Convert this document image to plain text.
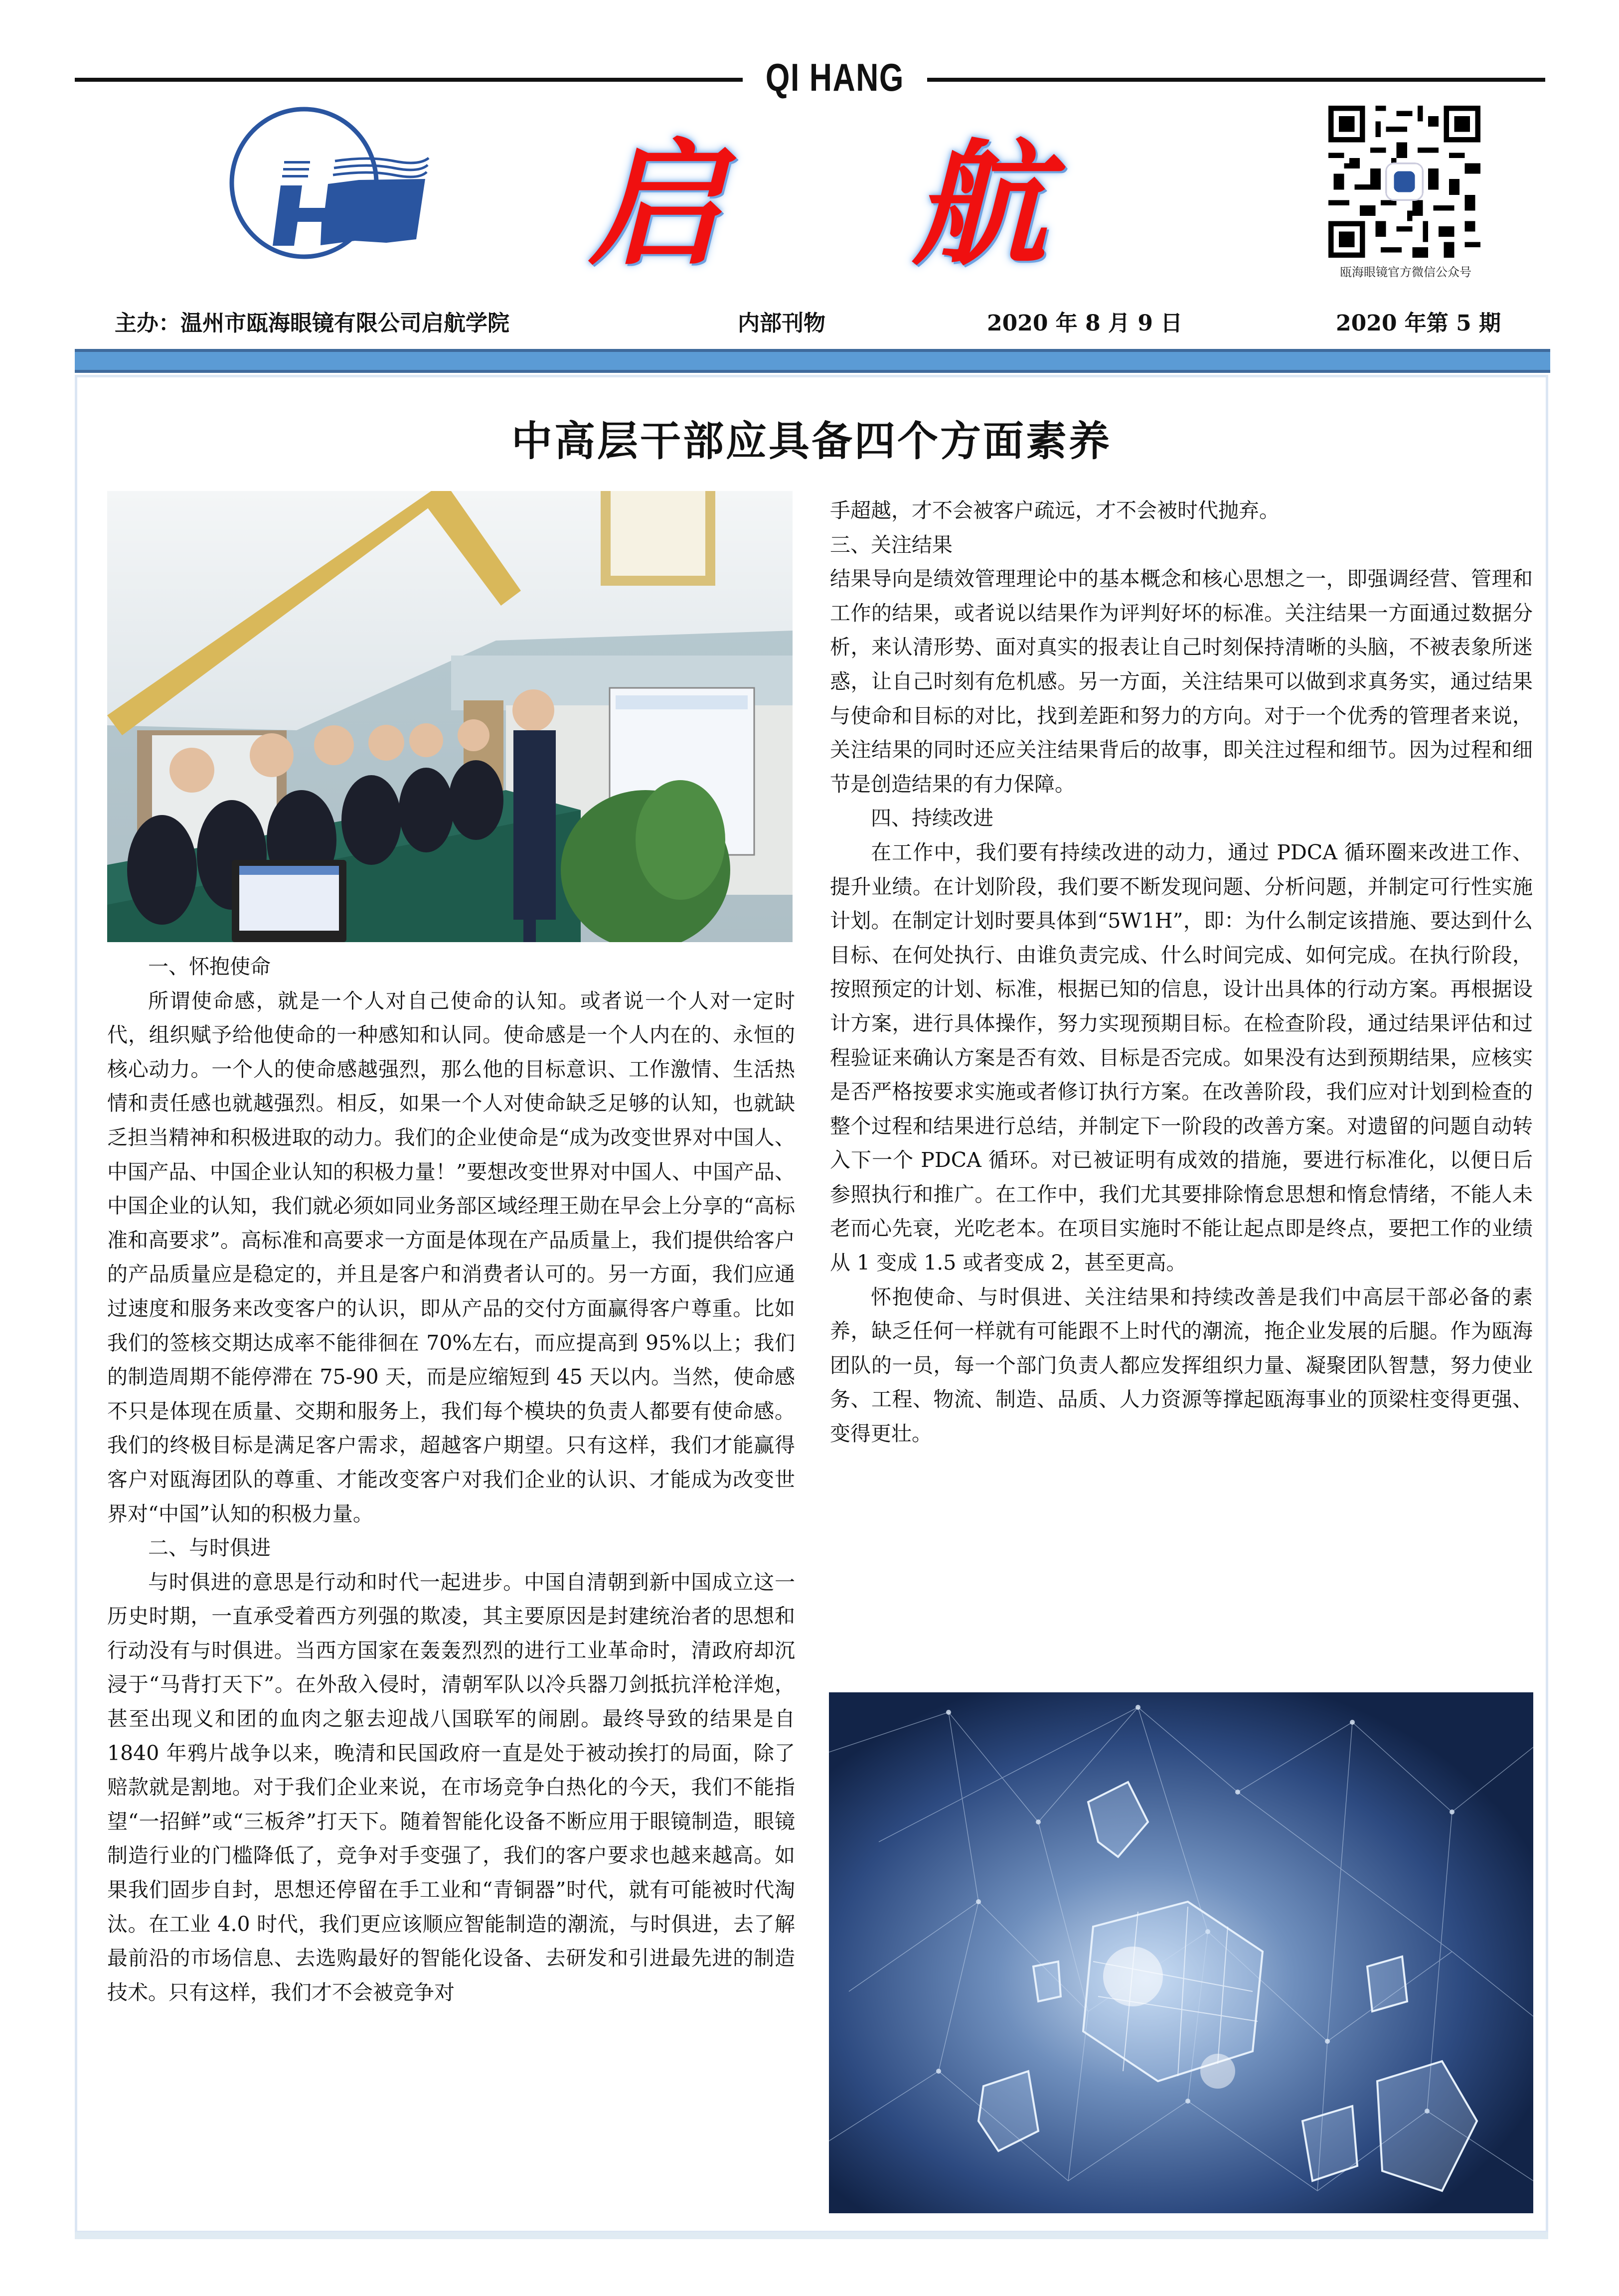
QI HANG
启 航	瓯海眼镜官方微信公众号
主办：温州市瓯海眼镜有限公司启航学院	内部刊物	2020 年 8 月 9 日	2020 年第 5 期
中高层干部应具备四个方面素养

一、怀抱使命

所谓使命感，就是一个人对自己使命的认知。或者说一个人对一定时代，组织赋予给他使命的一种感知和认同。使命感是一个人内在的、永恒的核心动力。一个人的使命感越强烈，那么他的目标意识、工作激情、生活热情和责任感也就越强烈。相反，如果一个人对使命缺乏足够的认知，也就缺乏担当精神和积极进取的动力。我们的企业使命是“成为改变世界对中国人、中国产品、中国企业认知的积极力量！”要想改变世界对中国人、中国产品、中国企业的认知，我们就必须如同业务部区域经理王勋在早会上分享的“高标准和高要求”。高标准和高要求一方面是体现在产品质量上，我们提供给客户的产品质量应是稳定的，并且是客户和消费者认可的。另一方面，我们应通过速度和服务来改变客户的认识，即从产品的交付方面赢得客户尊重。比如我们的签核交期达成率不能徘徊在 70%左右，而应提高到 95%以上；我们的制造周期不能停滞在 75-90 天，而是应缩短到 45 天以内。当然，使命感不只是体现在质量、交期和服务上，我们每个模块的负责人都要有使命感。我们的终极目标是满足客户需求，超越客户期望。只有这样，我们才能赢得客户对瓯海团队的尊重、才能改变客户对我们企业的认识、才能成为改变世界对“中国”认知的积极力量。

二、与时俱进

与时俱进的意思是行动和时代一起进步。中国自清朝到新中国成立这一历史时期，一直承受着西方列强的欺凌，其主要原因是封建统治者的思想和行动没有与时俱进。当西方国家在轰轰烈烈的进行工业革命时，清政府却沉浸于“马背打天下”。在外敌入侵时，清朝军队以冷兵器刀剑抵抗洋枪洋炮，甚至出现义和团的血肉之躯去迎战八国联军的闹剧。最终导致的结果是自 1840 年鸦片战争以来，晚清和民国政府一直是处于被动挨打的局面，除了赔款就是割地。对于我们企业来说，在市场竞争白热化的今天，我们不能指望“一招鲜”或“三板斧”打天下。随着智能化设备不断应用于眼镜制造，眼镜制造行业的门槛降低了，竞争对手变强了，我们的客户要求也越来越高。如果我们固步自封，思想还停留在手工业和“青铜器”时代，就有可能被时代淘汰。在工业 4.0 时代，我们更应该顺应智能制造的潮流，与时俱进，去了解最前沿的市场信息、去选购最好的智能化设备、去研发和引进最先进的制造技术。只有这样，我们才不会被竞争对

手超越，才不会被客户疏远，才不会被时代抛弃。

三、关注结果

结果导向是绩效管理理论中的基本概念和核心思想之一，即强调经营、管理和工作的结果，或者说以结果作为评判好坏的标准。关注结果一方面通过数据分析，来认清形势、面对真实的报表让自己时刻保持清晰的头脑，不被表象所迷惑，让自己时刻有危机感。另一方面，关注结果可以做到求真务实，通过结果与使命和目标的对比，找到差距和努力的方向。对于一个优秀的管理者来说，关注结果的同时还应关注结果背后的故事，即关注过程和细节。因为过程和细节是创造结果的有力保障。

四、持续改进

在工作中，我们要有持续改进的动力，通过 PDCA 循环圈来改进工作、提升业绩。在计划阶段，我们要不断发现问题、分析问题，并制定可行性实施计划。在制定计划时要具体到“5W1H”，即：为什么制定该措施、要达到什么目标、在何处执行、由谁负责完成、什么时间完成、如何完成。在执行阶段，按照预定的计划、标准，根据已知的信息，设计出具体的行动方案。再根据设计方案，进行具体操作，努力实现预期目标。在检查阶段，通过结果评估和过程验证来确认方案是否有效、目标是否完成。如果没有达到预期结果，应核实是否严格按要求实施或者修订执行方案。在改善阶段，我们应对计划到检查的整个过程和结果进行总结，并制定下一阶段的改善方案。对遗留的问题自动转入下一个 PDCA 循环。对已被证明有成效的措施，要进行标准化，以便日后参照执行和推广。在工作中，我们尤其要排除惰怠思想和惰怠情绪，不能人未老而心先衰，光吃老本。在项目实施时不能让起点即是终点，要把工作的业绩从 1 变成 1.5 或者变成 2，甚至更高。

怀抱使命、与时俱进、关注结果和持续改善是我们中高层干部必备的素养，缺乏任何一样就有可能跟不上时代的潮流，拖企业发展的后腿。作为瓯海团队的一员，每一个部门负责人都应发挥组织力量、凝聚团队智慧，努力使业务、工程、物流、制造、品质、人力资源等撑起瓯海事业的顶梁柱变得更强、变得更壮。
